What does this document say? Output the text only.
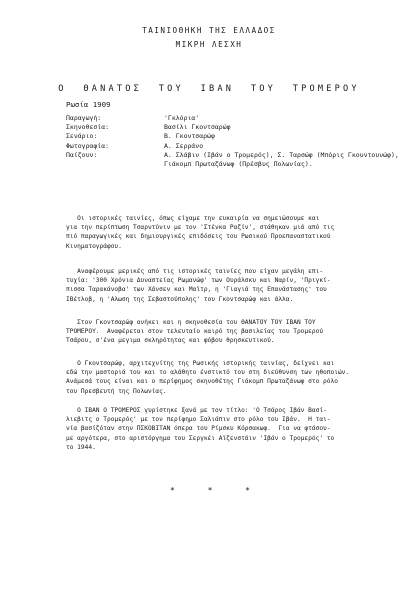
ΤΑΙΝΙΟΘΗΚΗ ΤΗΣ ΕΛΛΑΔΟΣ
ΜΙΚΡΗ ΛΕΣΧΗ
Ο  ΘΑΝΑΤΟΣ  ΤΟΥ  ΙΒΑΝ  ΤΟΥ  ΤΡΟΜΕΡΟΥ
Ρωσία 1909

Παραγωγή:

	'Γκλόρια'

Σκηνοθεσία:

	Βασίλι Γκοντσαρώφ

Σενάριο:

	Β. Γκοντσαρώφ

Φωτογραφία:

	Α. Σερράνο

Παίζουν:

	Α. Σλάβιν (Ιβάν ο Τρομερός), Σ. Ταρσώφ (Μπόρις Γκουντουνώφ),

Γιάκομπ Πρωταζάνωφ (Πρέσβυς Πολωνίας).

Οι ιστορικές ταινίες, όπως είχαμε την ευκαιρία να σημειώσουμε και
για την περίπτωση Τσαρντύνιν με τον 'Στένκα Ραζίν', στάθηκαν μιά από τις
πιό παραγωγικές και δημιουργικές επιδόσεις του Ρωσικού Προεπαναστατικού
Κινηματογράφου.
Αναφέρουμε μερικές από τις ιστορικές ταινίες που είχαν μεγάλη επι-
τυχία: '300 Χρόνια Δυναστείας Ρωμανώφ' των Ουράλσκυ και Ναρίν, 'Πριγκί-
πισσα Ταρακάνοβα' των Χάνσεν και Μαϊτρ, η 'Γιαγιά της Επανάστασης' του
ΙΒέτλοβ, η 'Αλωση της Σεβαστούπολης' του Γκοντσαρώφ και άλλα.
Στον Γκοντσαρώφ ανήκει και η σκηνοθεσία του ΘΑΝΑΤΟΥ ΤΟΥ ΙΒΑΝ ΤΟΥ
ΤΡΟΜΕΡΟΥ.  Αναφέρεται στον τελευταίο καιρό της βασιλείας του Τρομερού
Τσάρου, σ'ένα μεγιμα σκληρότητας και φόβου θρησκευτικού.
Ο Γκοντσαρώφ, αρχιτεχνίτης της Ρωσικής ιστορικής ταινίας, δείχνει και
εδώ την μαστοριά του και το αλάθητο ένστικτό του στη διεύθυνση των ηθοποιών.
Ανάμεσά τους είναι και ο περίφημος σκηνοθέτης Γιάκομπ Πρωταζάνωφ στο ρόλο
του Πρεσβευτή της Πολωνίας.
Ο ΙΒΑΝ Ο ΤΡΟΜΕΡΟΣ γυρίστηκε ξανά με τον τίτλο: 'Ο Τσάρος Ιβάν Βασί-
λιεβιτς ο Τρομερός' με τον περίφημο Σαλιάπιν στο ρόλο του Ιβάν.  Η ται-
νία βασίζόταν στην ΠΣΚΟΒΙΤΑΝ όπερα του Ρίμσκυ Κόρσακωφ.  Για να φτάσου-
με αργότερα, στο αριστόργημα του Σεργκέι Αϊζενστάιν 'Ιβάν ο Τρομερός' το
το 1944.
*	*	*
